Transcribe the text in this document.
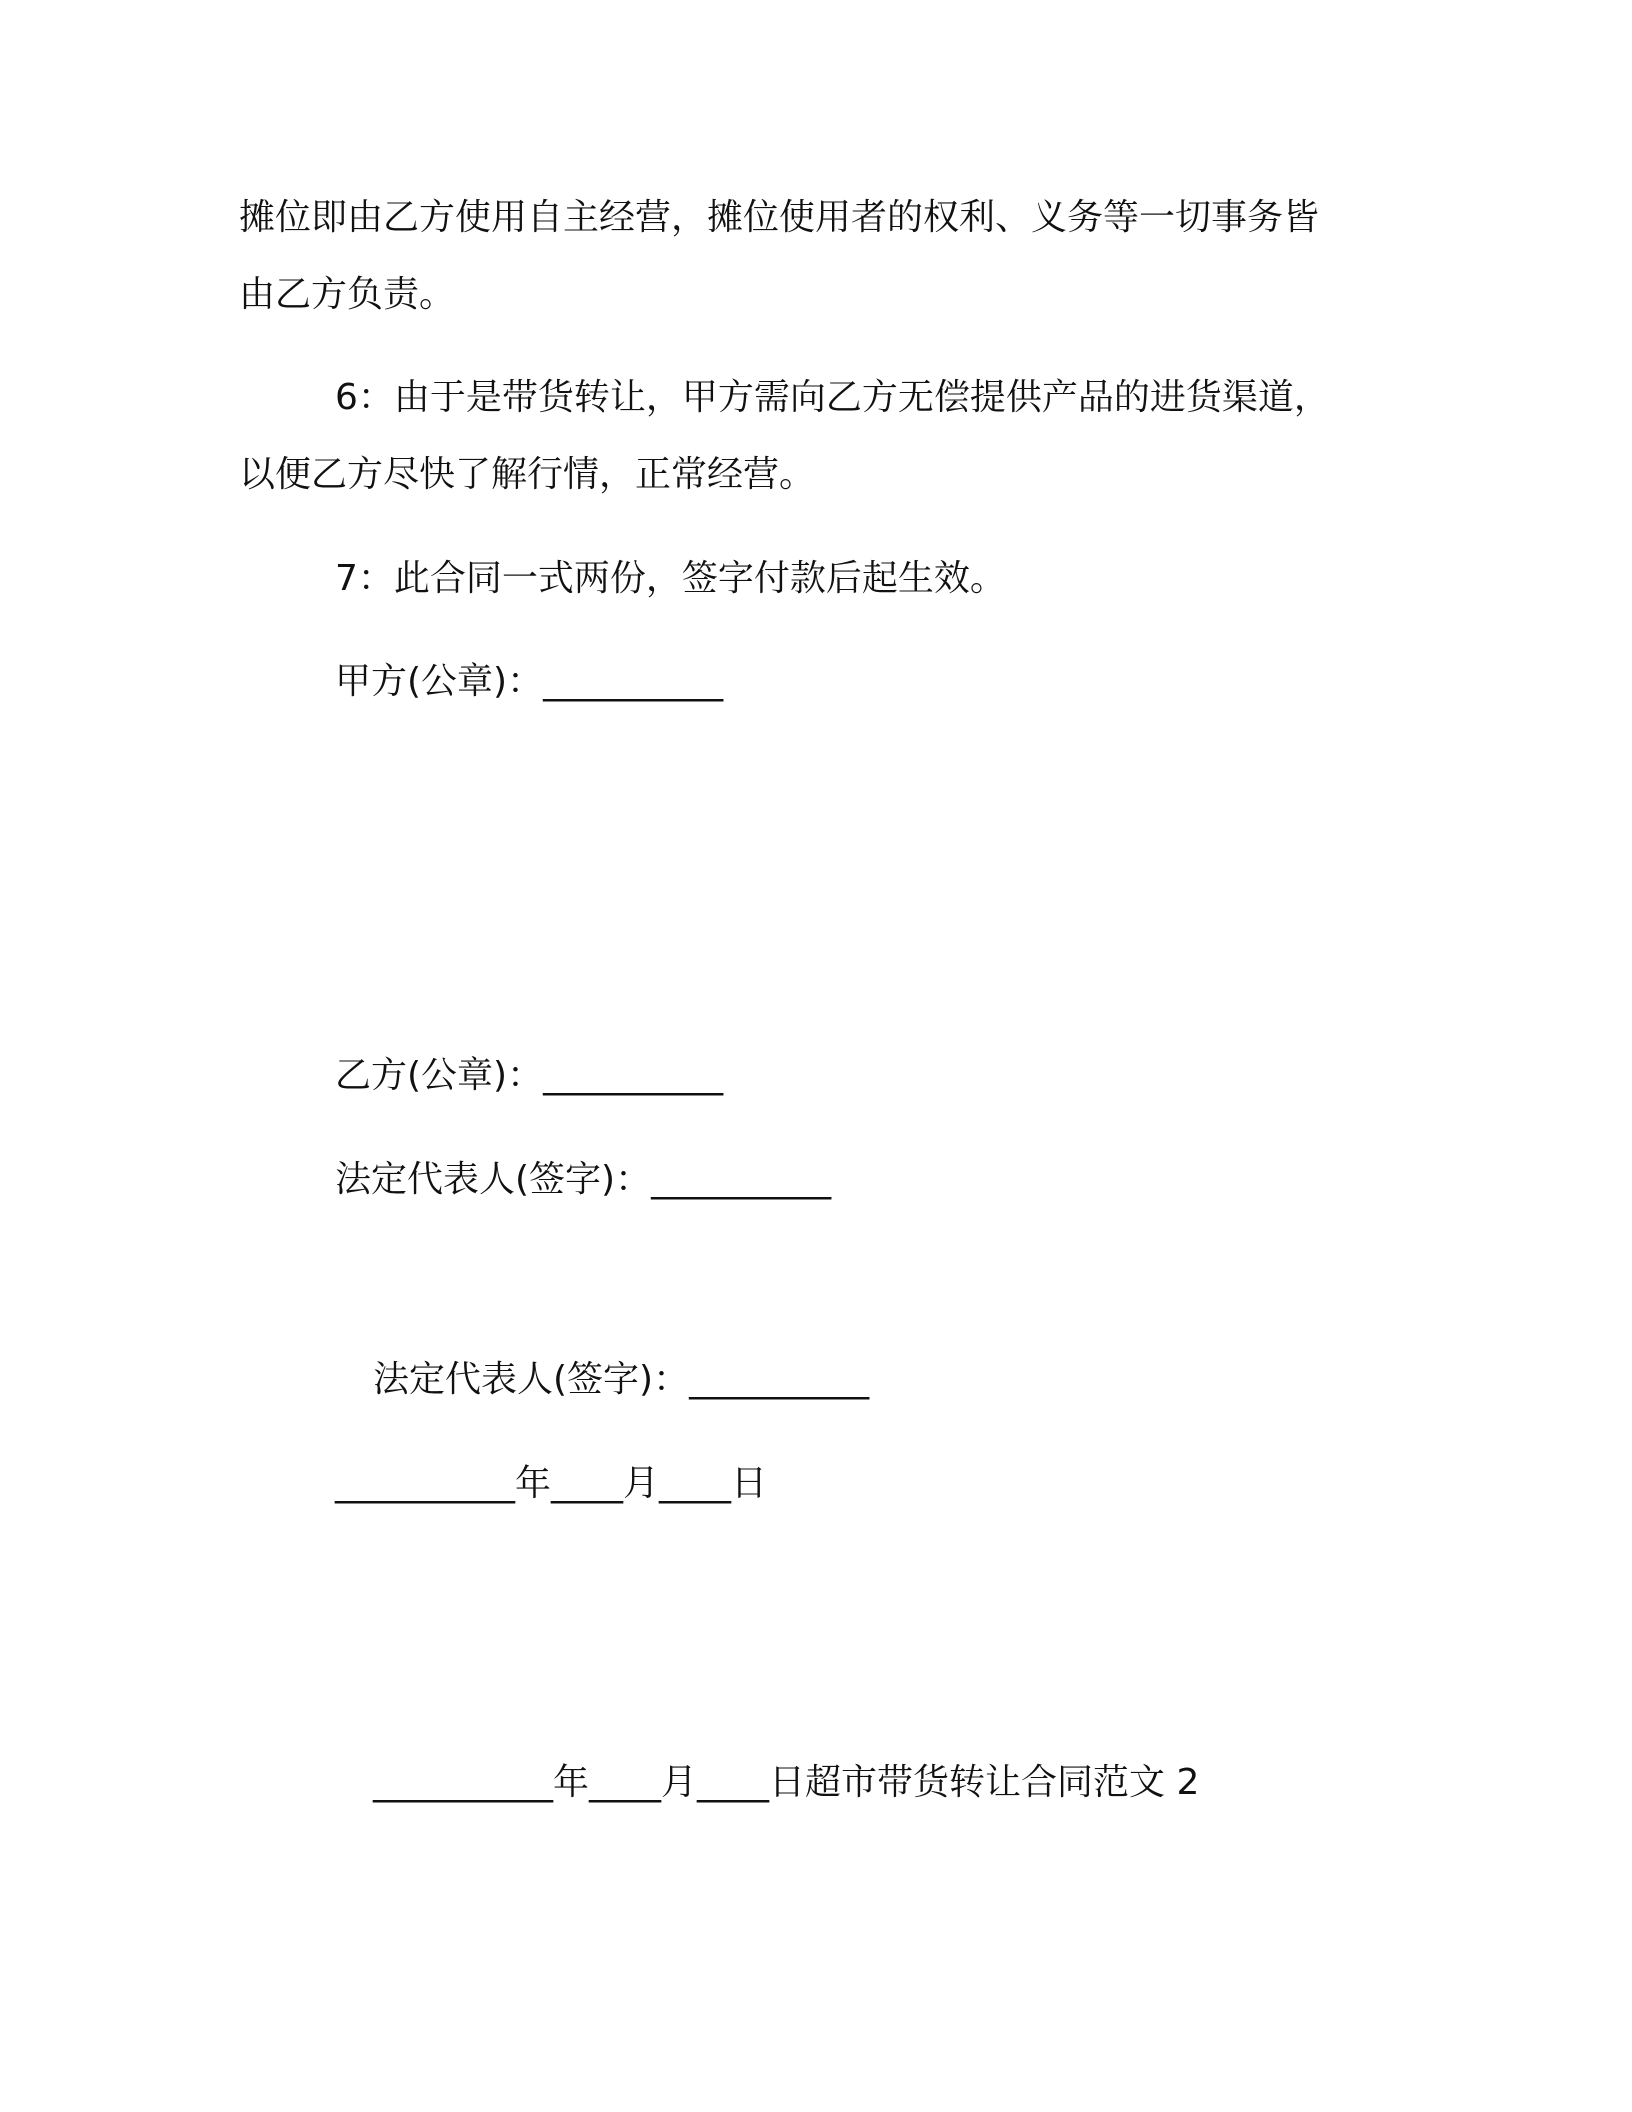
摊位即由乙方使用自主经营，摊位使用者的权利、义务等一切事务皆

由乙方负责。

6：由于是带货转让，甲方需向乙方无偿提供产品的进货渠道，

以便乙方尽快了解行情，正常经营。

7：此合同一式两份，签字付款后起生效。

甲方(公章)：__________

乙方(公章)：__________

法定代表人(签字)：__________

法定代表人(签字)：__________

__________年____月____日

__________年____月____日超市带货转让合同范文 2
